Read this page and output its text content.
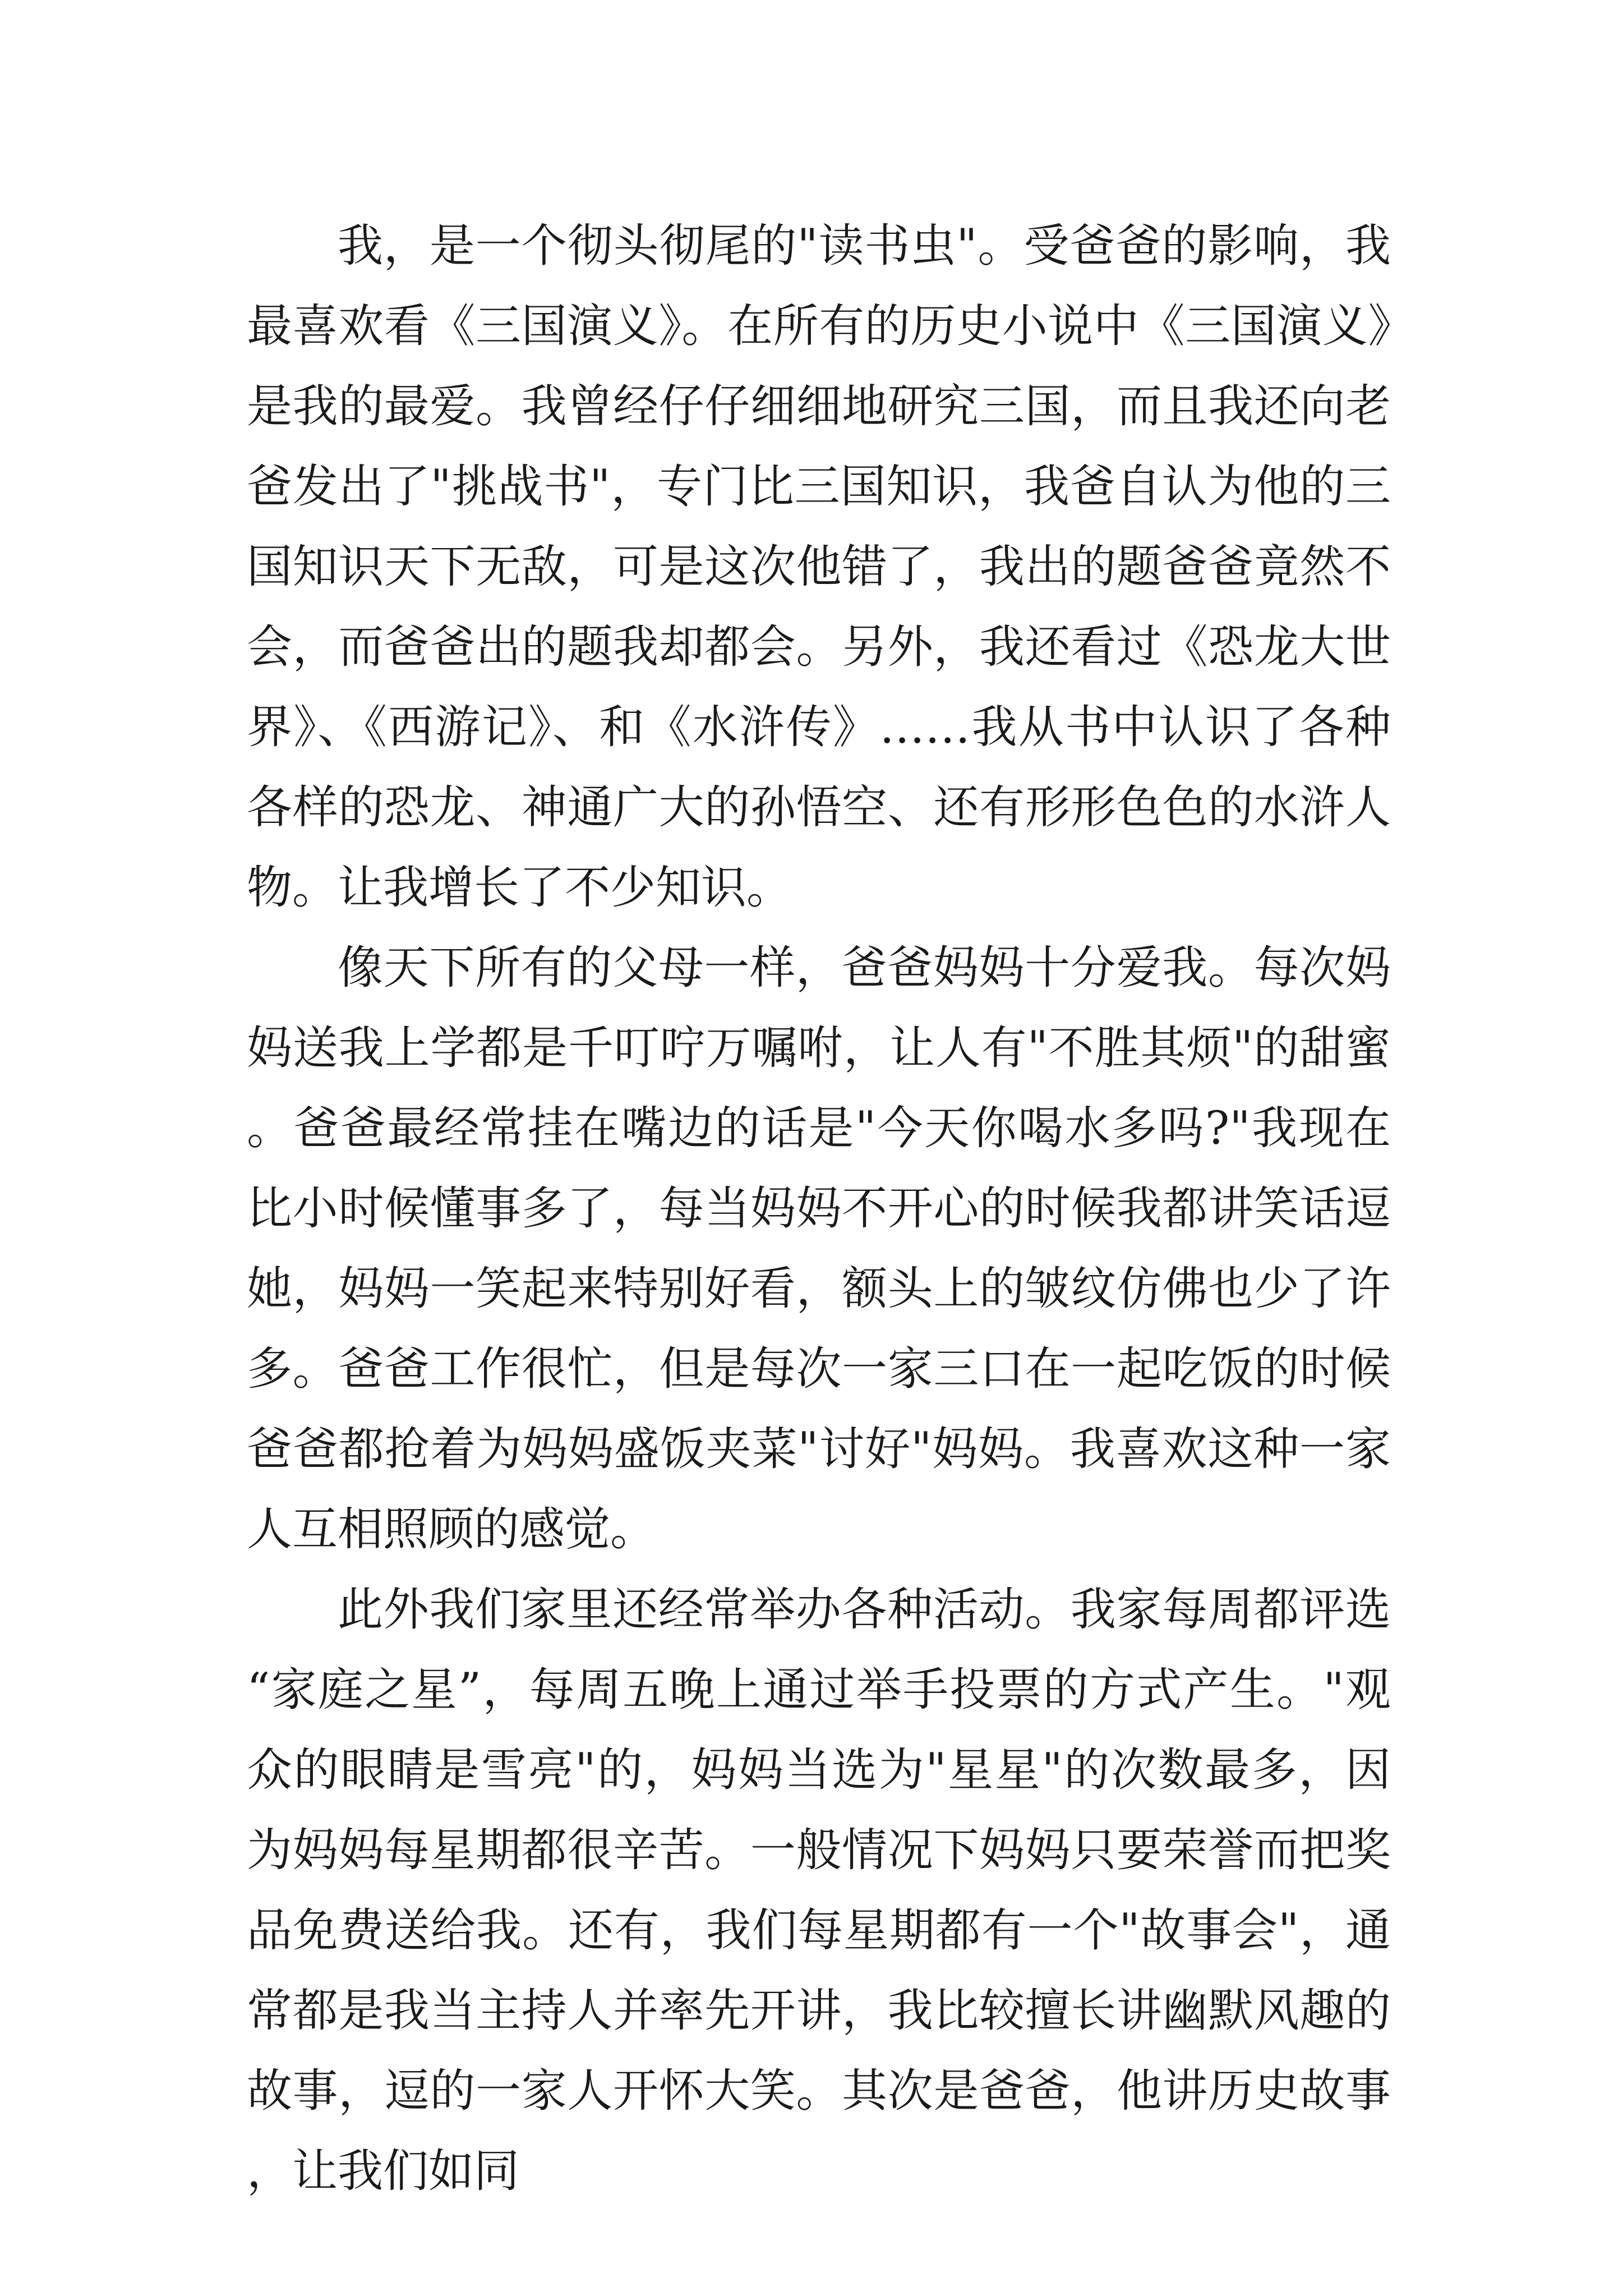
我，是一个彻头彻尾的"读书虫"。受爸爸的影响，我最喜欢看《三国演义》。在所有的历史小说中《三国演义》是我的最爱。我曾经仔仔细细地研究三国，而且我还向老爸发出了"挑战书"，专门比三国知识，我爸自认为他的三国知识天下无敌，可是这次他错了，我出的题爸爸竟然不会，而爸爸出的题我却都会。另外，我还看过《恐龙大世界》、《西游记》、和《水浒传》……我从书中认识了各种各样的恐龙、神通广大的孙悟空、还有形形色色的水浒人物。让我增长了不少知识。

像天下所有的父母一样，爸爸妈妈十分爱我。每次妈妈送我上学都是千叮咛万嘱咐，让人有"不胜其烦"的甜蜜。爸爸最经常挂在嘴边的话是"今天你喝水多吗?"我现在比小时候懂事多了，每当妈妈不开心的时候我都讲笑话逗她，妈妈一笑起来特别好看，额头上的皱纹仿佛也少了许多。爸爸工作很忙，但是每次一家三口在一起吃饭的时候爸爸都抢着为妈妈盛饭夹菜"讨好"妈妈。我喜欢这种一家人互相照顾的感觉。

此外我们家里还经常举办各种活动。我家每周都评选“家庭之星”，每周五晚上通过举手投票的方式产生。"观众的眼睛是雪亮"的，妈妈当选为"星星"的次数最多，因为妈妈每星期都很辛苦。一般情况下妈妈只要荣誉而把奖品免费送给我。还有，我们每星期都有一个"故事会"，通常都是我当主持人并率先开讲，我比较擅长讲幽默风趣的故事，逗的一家人开怀大笑。其次是爸爸，他讲历史故事，让我们如同
